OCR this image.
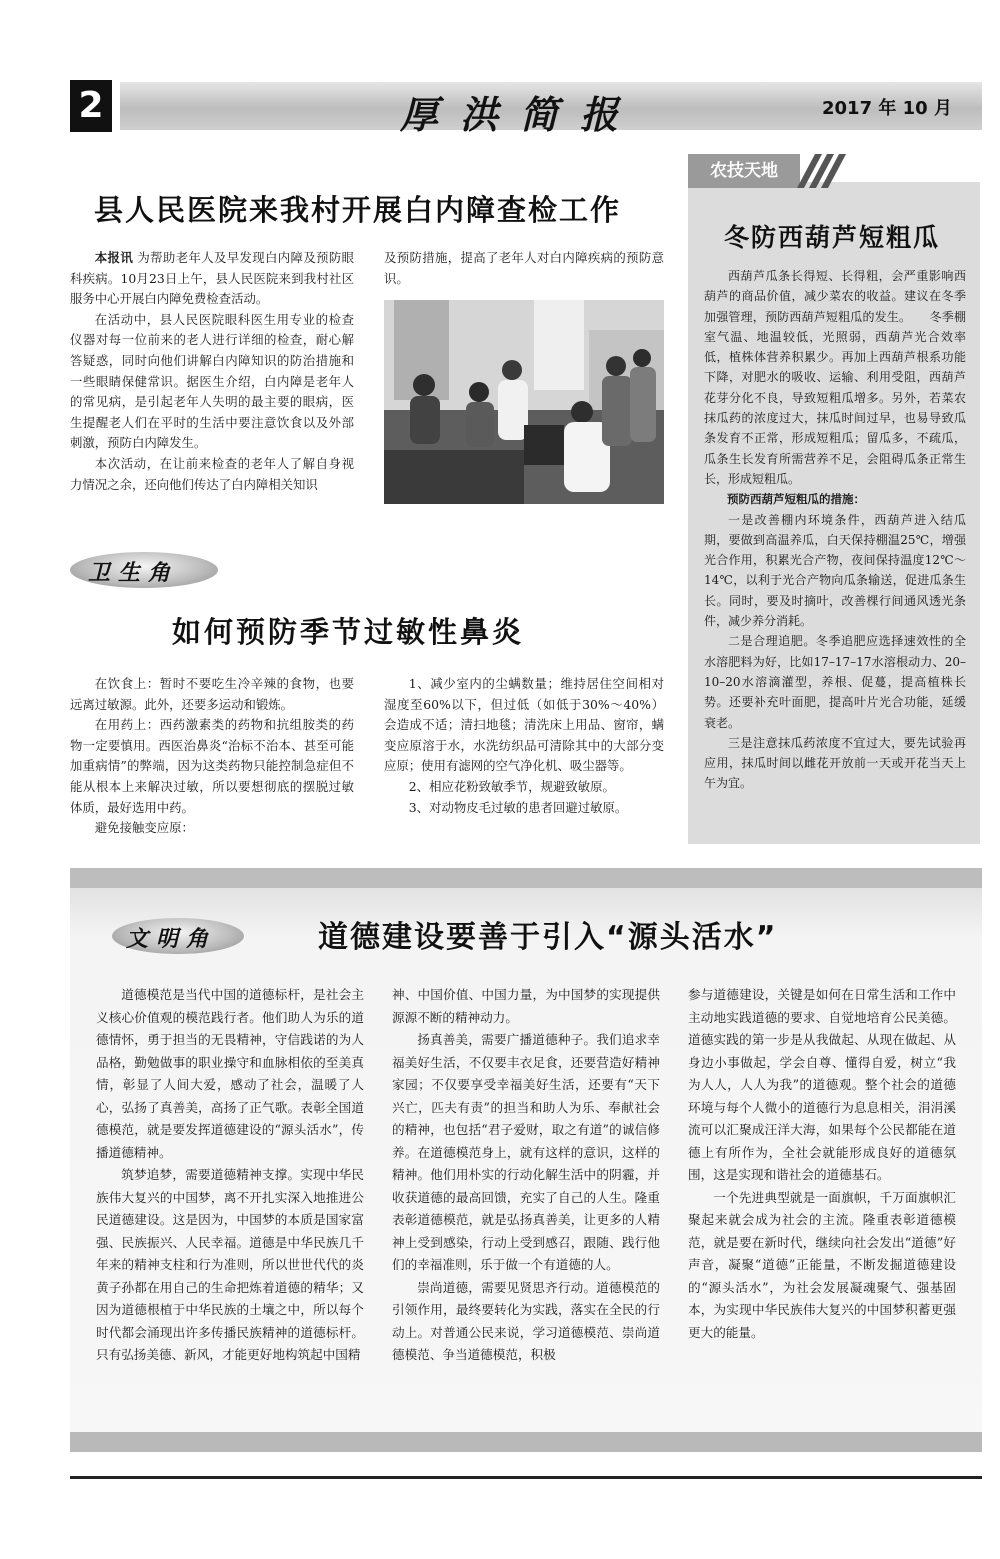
2	厚洪简报	2017 年 10 月
县人民医院来我村开展白内障查检工作

本报讯 为帮助老年人及早发现白内障及预防眼科疾病。10月23日上午，县人民医院来到我村社区服务中心开展白内障免费检查活动。

在活动中，县人民医院眼科医生用专业的检查仪器对每一位前来的老人进行详细的检查，耐心解答疑惑，同时向他们讲解白内障知识的防治措施和一些眼睛保健常识。据医生介绍，白内障是老年人的常见病，是引起老年人失明的最主要的眼病，医生提醒老人们在平时的生活中要注意饮食以及外部刺激，预防白内障发生。

本次活动，在让前来检查的老年人了解自身视力情况之余，还向他们传达了白内障相关知识

及预防措施，提高了老年人对白内障疾病的预防意识。

卫生角
如何预防季节过敏性鼻炎

在饮食上：暂时不要吃生冷辛辣的食物，也要远离过敏源。此外，还要多运动和锻炼。

在用药上：西药激素类的药物和抗组胺类的药物一定要慎用。西医治鼻炎“治标不治本、甚至可能加重病情”的弊端，因为这类药物只能控制急症但不能从根本上来解决过敏，所以要想彻底的摆脱过敏体质，最好选用中药。

避免接触变应原：

1、减少室内的尘螨数量；维持居住空间相对湿度至60%以下，但过低（如低于30%～40%）会造成不适；清扫地毯；清洗床上用品、窗帘，螨变应原溶于水，水洗纺织品可清除其中的大部分变应原；使用有滤网的空气净化机、吸尘器等。

2、相应花粉致敏季节，规避致敏原。

3、对动物皮毛过敏的患者回避过敏原。

农技天地
冬防西葫芦短粗瓜

西葫芦瓜条长得短、长得粗，会严重影响西葫芦的商品价值，减少菜农的收益。建议在冬季加强管理，预防西葫芦短粗瓜的发生。　　冬季棚室气温、地温较低，光照弱，西葫芦光合效率低，植株体营养积累少。再加上西葫芦根系功能下降，对肥水的吸收、运输、利用受阻，西葫芦花芽分化不良，导致短粗瓜增多。另外，若菜农抹瓜药的浓度过大，抹瓜时间过早，也易导致瓜条发育不正常，形成短粗瓜；留瓜多，不疏瓜，瓜条生长发育所需营养不足，会阻碍瓜条正常生长，形成短粗瓜。

预防西葫芦短粗瓜的措施：

一是改善棚内环境条件，西葫芦进入结瓜期，要做到高温养瓜，白天保持棚温25℃，增强光合作用，积累光合产物，夜间保持温度12℃～14℃，以利于光合产物向瓜条输送，促进瓜条生长。同时，要及时摘叶，改善棵行间通风透光条件，减少养分消耗。

二是合理追肥。冬季追肥应选择速效性的全水溶肥料为好，比如17–17–17水溶根动力、20–10–20水溶滴灌型，养根、促蔓，提高植株长势。还要补充叶面肥，提高叶片光合功能，延缓衰老。

三是注意抹瓜药浓度不宜过大，要先试验再应用，抹瓜时间以雌花开放前一天或开花当天上午为宜。

文明角	道德建设要善于引入“源头活水”

道德模范是当代中国的道德标杆，是社会主义核心价值观的模范践行者。他们助人为乐的道德情怀，勇于担当的无畏精神，守信践诺的为人品格，勤勉做事的职业操守和血脉相依的至美真情，彰显了人间大爱，感动了社会，温暖了人心，弘扬了真善美，高扬了正气歌。表彰全国道德模范，就是要发挥道德建设的“源头活水”，传播道德精神。

筑梦追梦，需要道德精神支撑。实现中华民族伟大复兴的中国梦，离不开扎实深入地推进公民道德建设。这是因为，中国梦的本质是国家富强、民族振兴、人民幸福。道德是中华民族几千年来的精神支柱和行为准则，所以世世代代的炎黄子孙都在用自己的生命把炼着道德的精华；又因为道德根植于中华民族的土壤之中，所以每个时代都会涌现出许多传播民族精神的道德标杆。只有弘扬美德、新风，才能更好地构筑起中国精

神、中国价值、中国力量，为中国梦的实现提供源源不断的精神动力。

扬真善美，需要广播道德种子。我们追求幸福美好生活，不仅要丰衣足食，还要营造好精神家园；不仅要享受幸福美好生活，还要有“天下兴亡，匹夫有责”的担当和助人为乐、奉献社会的精神，也包括“君子爱财，取之有道”的诚信修养。在道德模范身上，就有这样的意识，这样的精神。他们用朴实的行动化解生活中的阴霾，并收获道德的最高回馈，充实了自己的人生。隆重表彰道德模范，就是弘扬真善美，让更多的人精神上受到感染，行动上受到感召，跟随、践行他们的幸福准则，乐于做一个有道德的人。

崇尚道德，需要见贤思齐行动。道德模范的引领作用，最终要转化为实践，落实在全民的行动上。对普通公民来说，学习道德模范、崇尚道德模范、争当道德模范，积极

参与道德建设，关键是如何在日常生活和工作中主动地实践道德的要求、自觉地培育公民美德。道德实践的第一步是从我做起、从现在做起、从身边小事做起，学会自尊、懂得自爱，树立“我为人人，人人为我”的道德观。整个社会的道德环境与每个人微小的道德行为息息相关，涓涓溪流可以汇聚成汪洋大海，如果每个公民都能在道德上有所作为，全社会就能形成良好的道德氛围，这是实现和谐社会的道德基石。

一个先进典型就是一面旗帜，千万面旗帜汇聚起来就会成为社会的主流。隆重表彰道德模范，就是要在新时代，继续向社会发出“道德”好声音，凝聚“道德”正能量，不断发掘道德建设的“源头活水”，为社会发展凝魂聚气、强基固本，为实现中华民族伟大复兴的中国梦积蓄更强更大的能量。
